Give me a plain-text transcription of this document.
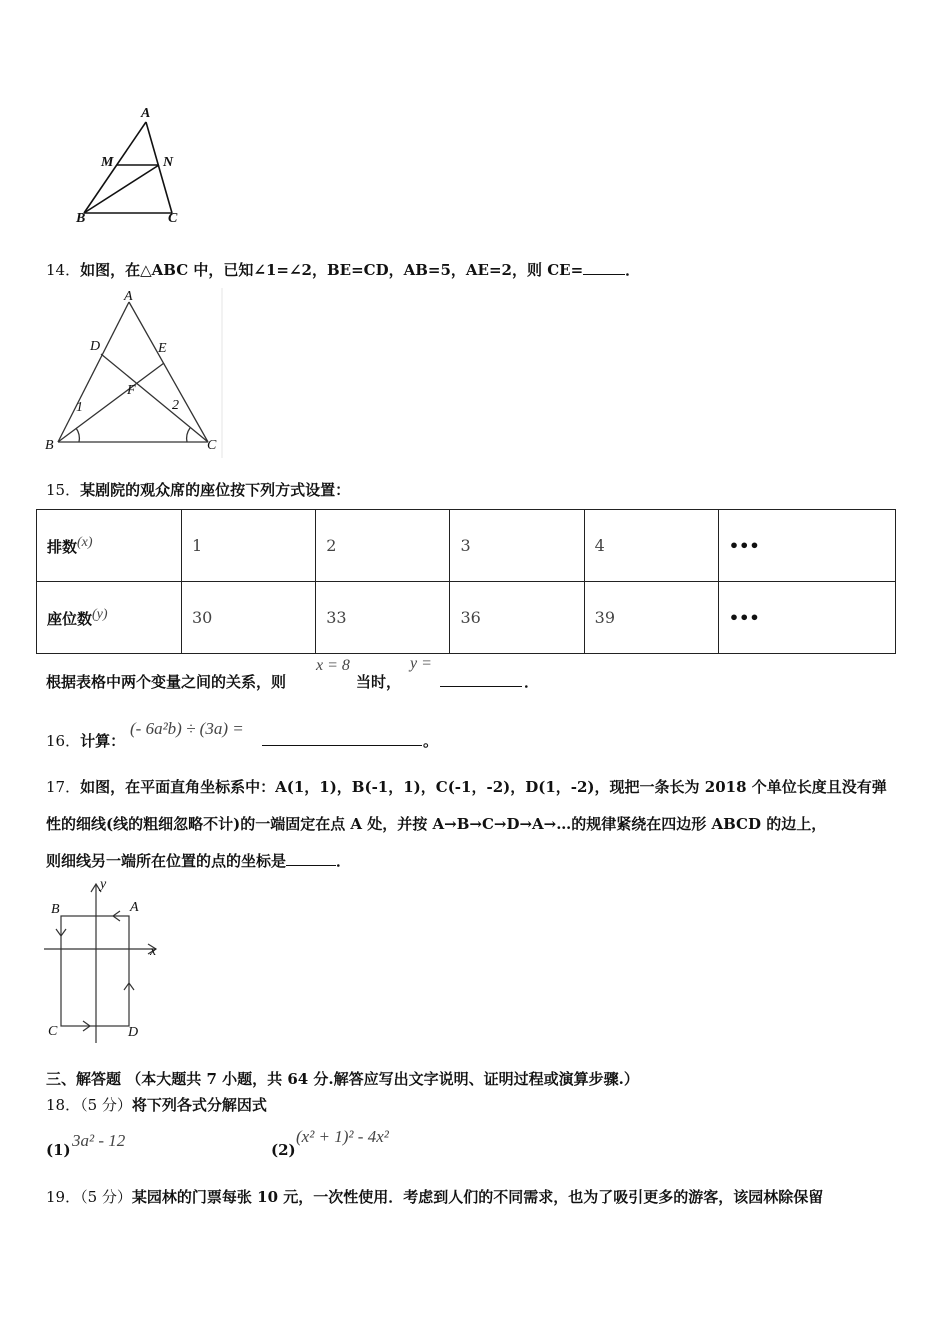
A
M	N
B	C
14．如图，在△ABC 中，已知∠1=∠2，BE=CD，AB=5，AE=2，则 CE=	．
A
D	E
F
1	2
B	C
15．某剧院的观众席的座位按下列方式设置：
排数$^{(x)}$	1	2	3	4	•••
座位数$^{(y)}$	30	33	36	39	•••
根据表格中两个变量之间的关系，则
x = 8
当时，
y =
．
16．计算：
(- 6a²b) ÷ (3a) =
。
17．如图，在平面直角坐标系中：A(1，1)，B(-1，1)，C(-1，-2)，D(1，-2)，现把一条长为 2018 个单位长度且没有弹
性的细线(线的粗细忽略不计)的一端固定在点 A 处，并按 A→B→C→D→A→…的规律紧绕在四边形 ABCD 的边上，
则细线另一端所在位置的点的坐标是	．
y
B	A
x
C	D
三、解答题 （本大题共 7 小题，共 64 分.解答应写出文字说明、证明过程或演算步骤.）
18．（5 分）将下列各式分解因式
(1) 3a² - 12	(2)
(x² + 1)² - 4x²
19．（5 分）某园林的门票每张 10 元，一次性使用．考虑到人们的不同需求，也为了吸引更多的游客，该园林除保留
